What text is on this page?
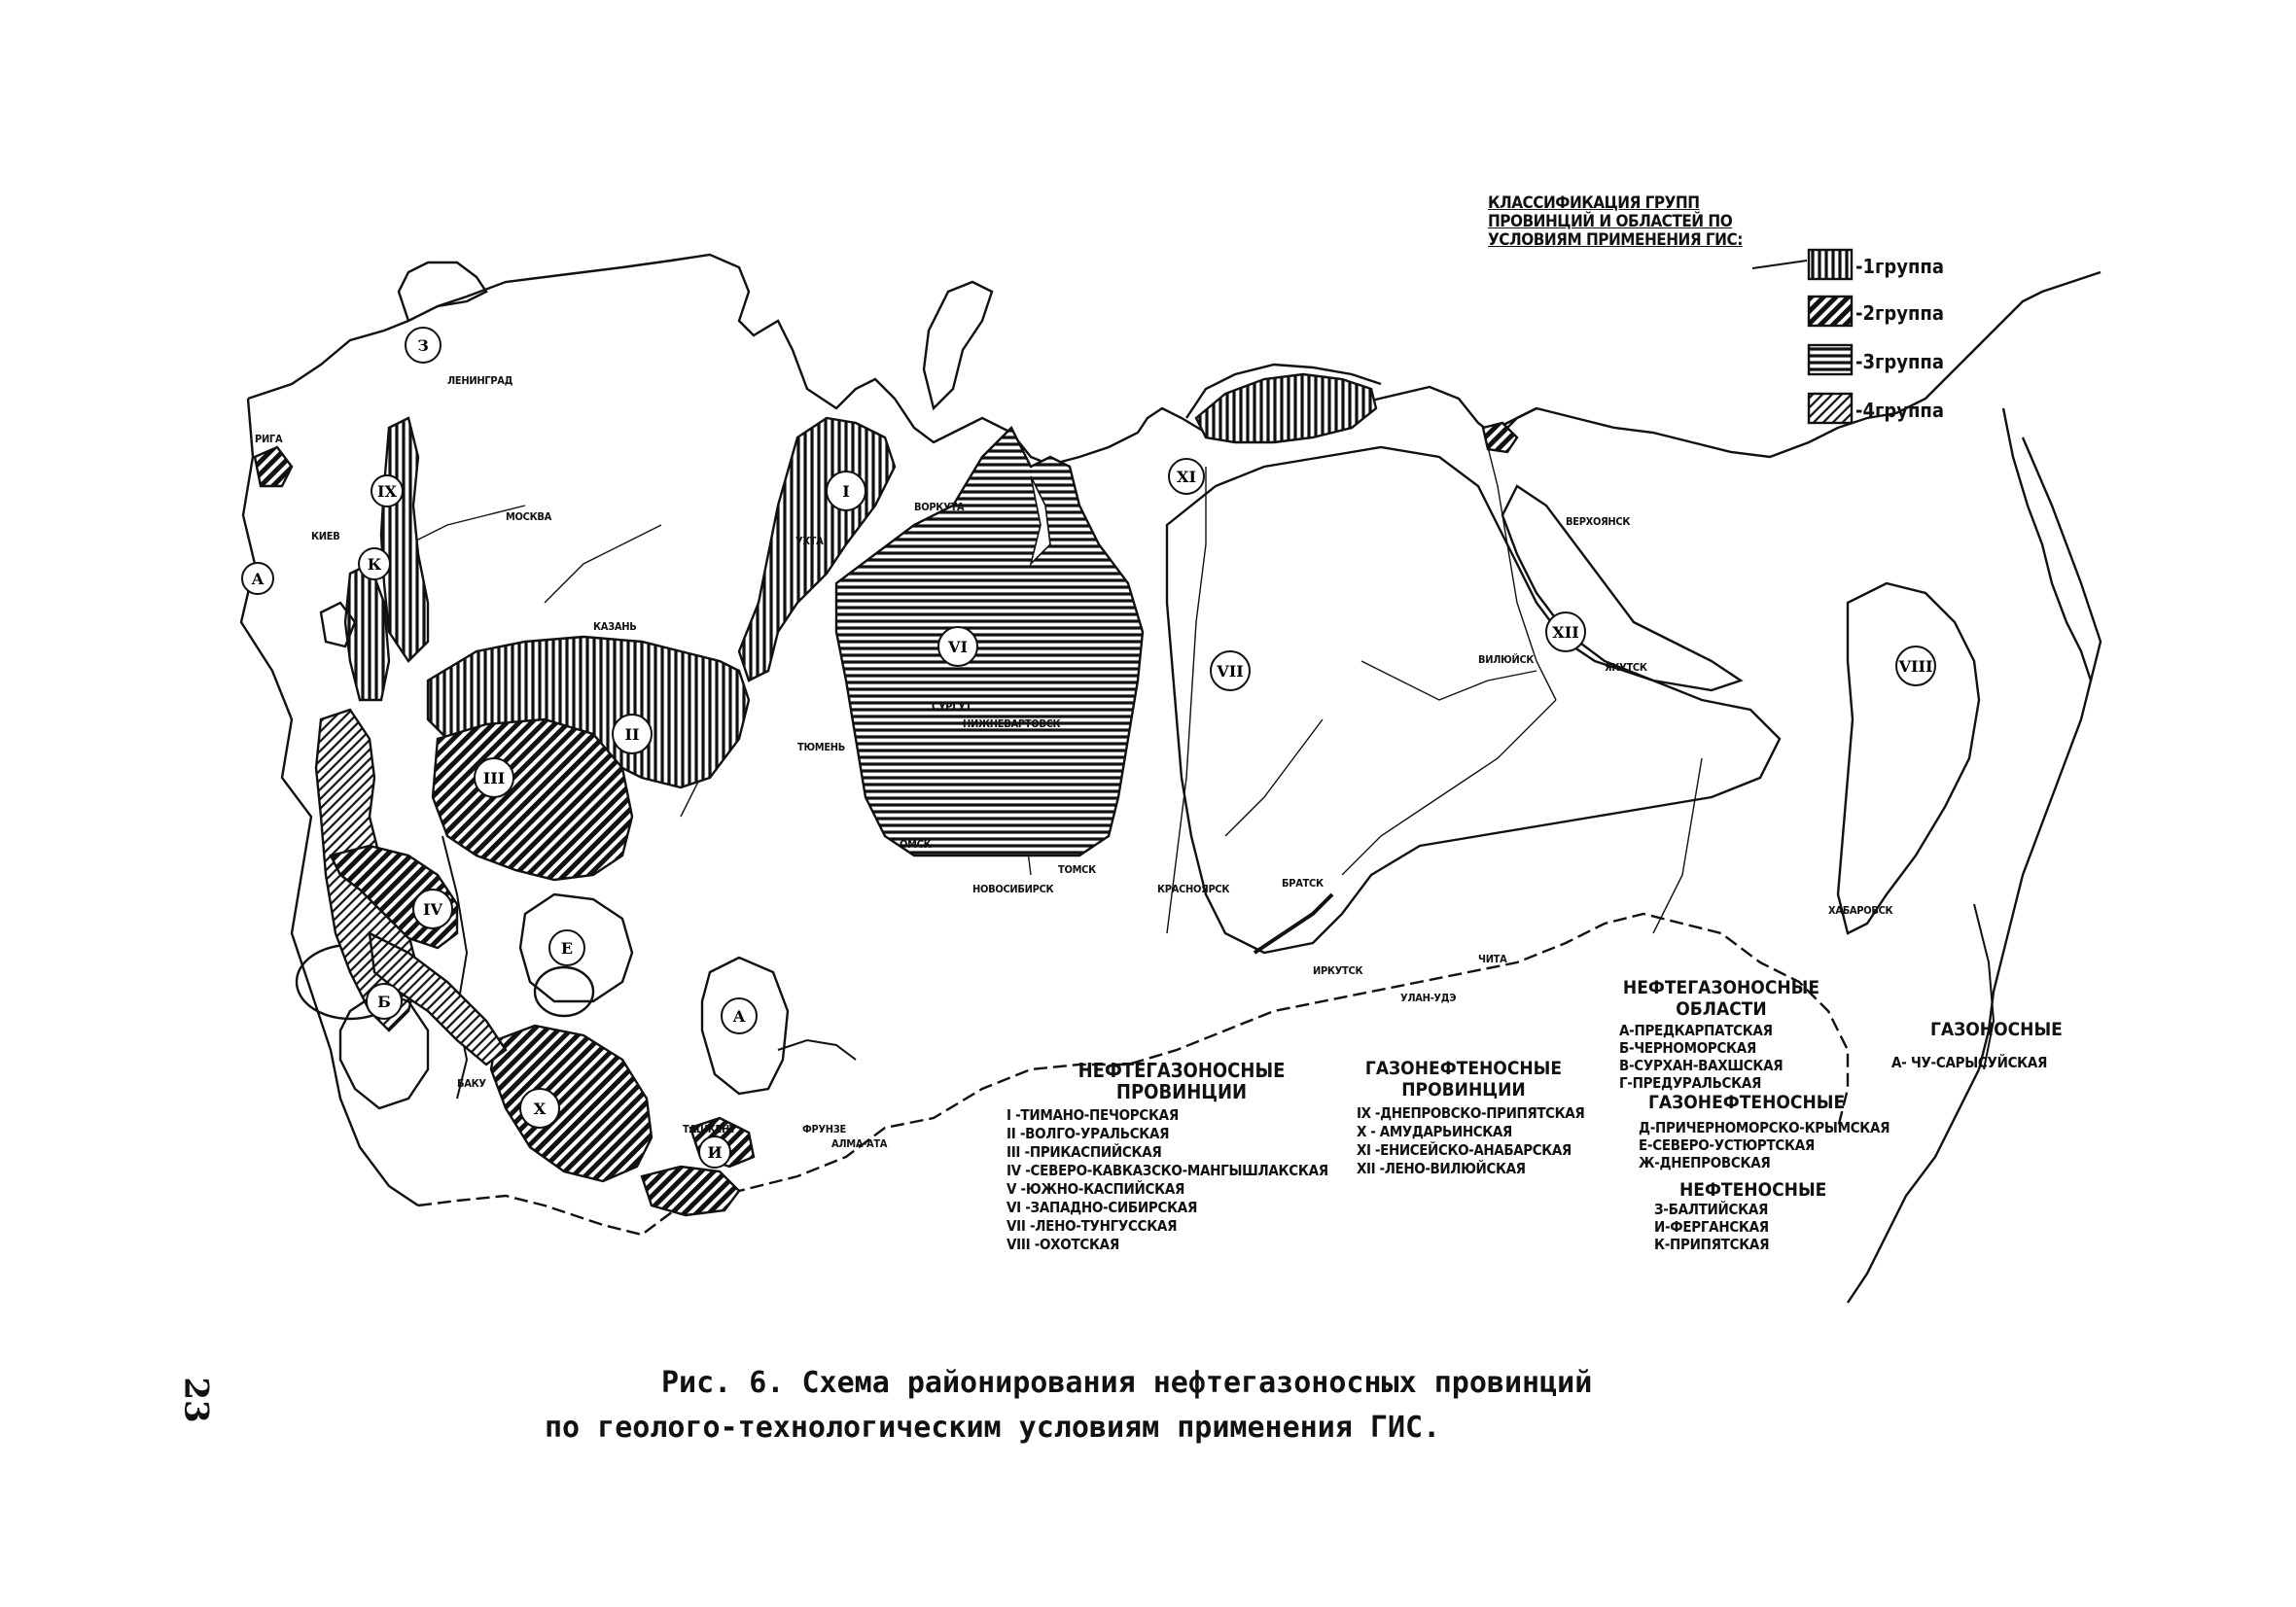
I
II
III
IV
X
VI
VII
XII
VIII
XI
IX
К
З
А
Б
Е
А
И
МОСКВА
КАЗАНЬ
ВОРКУТА
УХТА
ТЮМЕНЬ
СУРГУТ
НИЖНЕВАРТОВСК
ОМСК
ТОМСК
НОВОСИБИРСК	КРАСНОЯРСК	БРАТСК
ИРКУТСК
ЧИТА
УЛАН-УДЭ
ЯКУТСК
ВИЛЮЙСК
ВЕРХОЯНСК
ХАБАРОВСК
ТАШКЕНТ	ФРУНЗЕ
АЛМА-АТА
ЛЕНИНГРАД
КИЕВ
БАКУ
РИГА
КЛАССИФИКАЦИЯ ГРУПП ПРОВИНЦИЙ И ОБЛАСТЕЙ ПО УСЛОВИЯМ ПРИМЕНЕНИЯ ГИС:
-1группа
-2группа
-3группа
-4группа
НЕФТЕГАЗОНОСНЫЕ ПРОВИНЦИИ
I -ТИМАНО-ПЕЧОРСКАЯ
II -ВОЛГО-УРАЛЬСКАЯ
III -ПРИКАСПИЙСКАЯ
IV -СЕВЕРО-КАВКАЗСКО-МАНГЫШЛАКСКАЯ
V -ЮЖНО-КАСПИЙСКАЯ
VI -ЗАПАДНО-СИБИРСКАЯ
VII -ЛЕНО-ТУНГУССКАЯ
VIII -ОХОТСКАЯ
ГАЗОНЕФТЕНОСНЫЕ ПРОВИНЦИИ
IX -ДНЕПРОВСКО-ПРИПЯТСКАЯ
X - АМУДАРЬИНСКАЯ
XI -ЕНИСЕЙСКО-АНАБАРСКАЯ
XII -ЛЕНО-ВИЛЮЙСКАЯ
НЕФТЕГАЗОНОСНЫЕ ОБЛАСТИ
А-ПРЕДКАРПАТСКАЯ
Б-ЧЕРНОМОРСКАЯ
В-СУРХАН-ВАХШСКАЯ
Г-ПРЕДУРАЛЬСКАЯ
ГАЗОНЕФТЕНОСНЫЕ
Д-ПРИЧЕРНОМОРСКО-КРЫМСКАЯ
Е-СЕВЕРО-УСТЮРТСКАЯ
Ж-ДНЕПРОВСКАЯ
НЕФТЕНОСНЫЕ
З-БАЛТИЙСКАЯ
И-ФЕРГАНСКАЯ
К-ПРИПЯТСКАЯ
ГАЗОНОСНЫЕ
А- ЧУ-САРЫСУЙСКАЯ
Рис. 6. Схема районирования нефтегазоносных провинций
по геолого-технологическим условиям применения ГИС.
23
